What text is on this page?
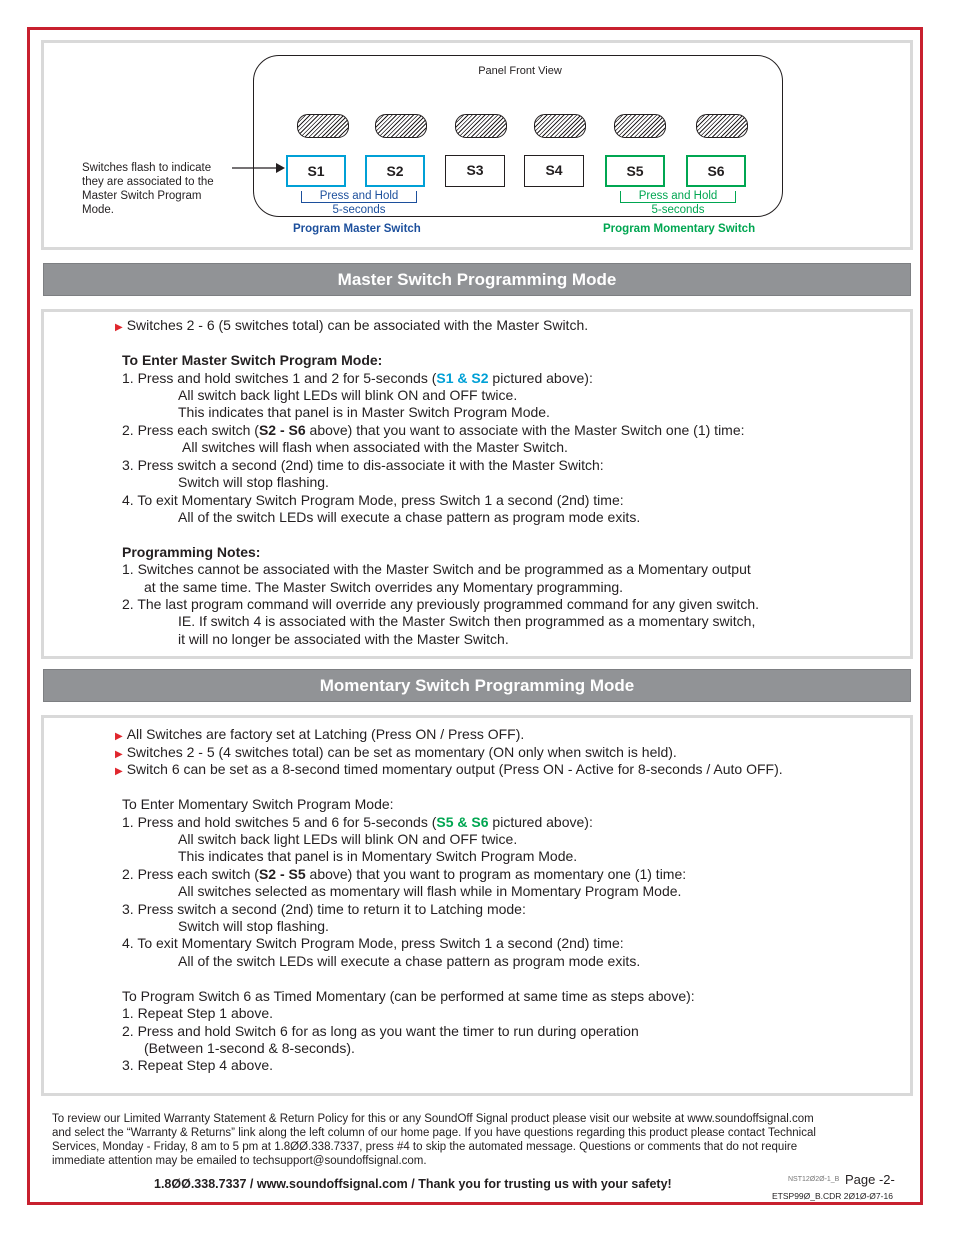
Panel Front View
S1	S2	S3	S4	S5	S6
Switches flash to indicate they are associated to the Master Switch Program Mode.
Press and Hold
5-seconds
Press and Hold
5-seconds
Program Master Switch	Program Momentary Switch
Master Switch Programming Mode
▶ Switches 2 - 6 (5 switches total) can be associated with the Master Switch.
To Enter Master Switch Program Mode:
1. Press and hold switches 1 and 2 for 5-seconds (S1 & S2 pictured above):
All switch back light LEDs will blink ON and OFF twice.
This indicates that panel is in Master Switch Program Mode.
2. Press each switch (S2 - S6 above) that you want to associate with the Master Switch one (1) time:
All switches will flash when associated with the Master Switch.
3. Press switch a second (2nd) time to dis-associate it with the Master Switch:
Switch will stop flashing.
4. To exit Momentary Switch Program Mode, press Switch 1 a second (2nd) time:
All of the switch LEDs will execute a chase pattern as program mode exits.
Programming Notes:
1. Switches cannot be associated with the Master Switch and be programmed as a Momentary output
at the same time. The Master Switch overrides any Momentary programming.
2. The last program command will override any previously programmed command for any given switch.
IE. If switch 4 is associated with the Master Switch then programmed as a momentary switch,
it will no longer be associated with the Master Switch.
Momentary Switch Programming Mode
▶ All Switches are factory set at Latching (Press ON / Press OFF).
▶ Switches 2 - 5 (4 switches total) can be set as momentary (ON only when switch is held).
▶ Switch 6 can be set as a 8-second timed momentary output (Press ON - Active for 8-seconds / Auto OFF).
To Enter Momentary Switch Program Mode:
1. Press and hold switches 5 and 6 for 5-seconds (S5 & S6 pictured above):
All switch back light LEDs will blink ON and OFF twice.
This indicates that panel is in Momentary Switch Program Mode.
2. Press each switch (S2 - S5 above) that you want to program as momentary one (1) time:
All switches selected as momentary will flash while in Momentary Program Mode.
3. Press switch a second (2nd) time to return it to Latching mode:
Switch will stop flashing.
4. To exit Momentary Switch Program Mode, press Switch 1 a second (2nd) time:
All of the switch LEDs will execute a chase pattern as program mode exits.
To Program Switch 6 as Timed Momentary (can be performed at same time as steps above):
1. Repeat Step 1 above.
2. Press and hold Switch 6 for as long as you want the timer to run during operation
(Between 1-second & 8-seconds).
3. Repeat Step 4 above.
To review our Limited Warranty Statement & Return Policy for this or any SoundOff Signal product please visit our website at www.soundoffsignal.com
and select the “Warranty & Returns” link along the left column of our home page. If you have questions regarding this product please contact Technical
Services, Monday - Friday, 8 am to 5 pm at 1.8ØØ.338.7337, press #4 to skip the automated message. Questions or comments that do not require
immediate attention may be emailed to techsupport@soundoffsignal.com.
1.8ØØ.338.7337 / www.soundoffsignal.com / Thank you for trusting us with your safety!	NST12Ø2Ø-1_B Page -2-
ETSP99Ø_B.CDR 2Ø1Ø-Ø7-16
